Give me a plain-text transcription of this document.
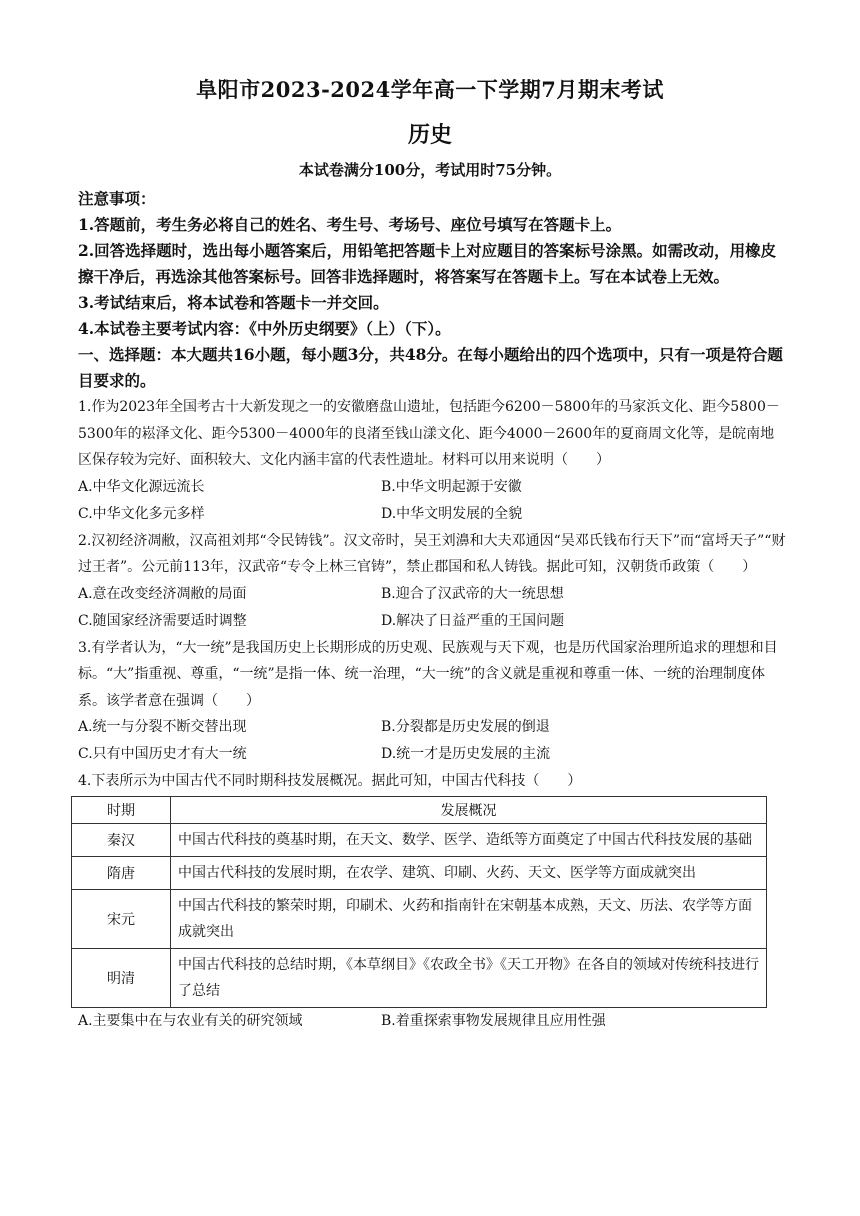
阜阳市2023-2024学年高一下学期7月期末考试
历史
本试卷满分100分，考试用时75分钟。

注意事项：

1.答题前，考生务必将自己的姓名、考生号、考场号、座位号填写在答题卡上。

2.回答选择题时，选出每小题答案后，用铅笔把答题卡上对应题目的答案标号涂黑。如需改动，用橡皮擦干净后，再选涂其他答案标号。回答非选择题时，将答案写在答题卡上。写在本试卷上无效。

3.考试结束后，将本试卷和答题卡一并交回。

4.本试卷主要考试内容：《中外历史纲要》（上）（下）。

一、选择题：本大题共16小题，每小题3分，共48分。在每小题给出的四个选项中，只有一项是符合题目要求的。

1.作为2023年全国考古十大新发现之一的安徽磨盘山遗址，包括距今6200－5800年的马家浜文化、距今5800－5300年的崧泽文化、距今5300－4000年的良渚至钱山漾文化、距今4000－2600年的夏商周文化等，是皖南地区保存较为完好、面积较大、文化内涵丰富的代表性遗址。材料可以用来说明（　　）

A.中华文化源远流长	B.中华文明起源于安徽
C.中华文化多元多样	D.中华文明发展的全貌

2.汉初经济凋敝，汉高祖刘邦“令民铸钱”。汉文帝时，吴王刘濞和大夫邓通因“吴邓氏钱布行天下”而“富埒天子”“财过王者”。公元前113年，汉武帝“专令上林三官铸”，禁止郡国和私人铸钱。据此可知，汉朝货币政策（　　）

A.意在改变经济凋敝的局面	B.迎合了汉武帝的大一统思想
C.随国家经济需要适时调整	D.解决了日益严重的王国问题

3.有学者认为，“大一统”是我国历史上长期形成的历史观、民族观与天下观，也是历代国家治理所追求的理想和目标。“大”指重视、尊重，“一统”是指一体、统一治理，“大一统”的含义就是重视和尊重一体、一统的治理制度体系。该学者意在强调（　　）

A.统一与分裂不断交替出现	B.分裂都是历史发展的倒退
C.只有中国历史才有大一统	D.统一才是历史发展的主流

4.下表所示为中国古代不同时期科技发展概况。据此可知，中国古代科技（　　）

时期	发展概况
秦汉	中国古代科技的奠基时期，在天文、数学、医学、造纸等方面奠定了中国古代科技发展的基础
隋唐	中国古代科技的发展时期，在农学、建筑、印刷、火药、天文、医学等方面成就突出
宋元	中国古代科技的繁荣时期，印刷术、火药和指南针在宋朝基本成熟，天文、历法、农学等方面成就突出
明清	中国古代科技的总结时期，《本草纲目》《农政全书》《天工开物》在各自的领域对传统科技进行了总结
A.主要集中在与农业有关的研究领域	B.着重探索事物发展规律且应用性强
